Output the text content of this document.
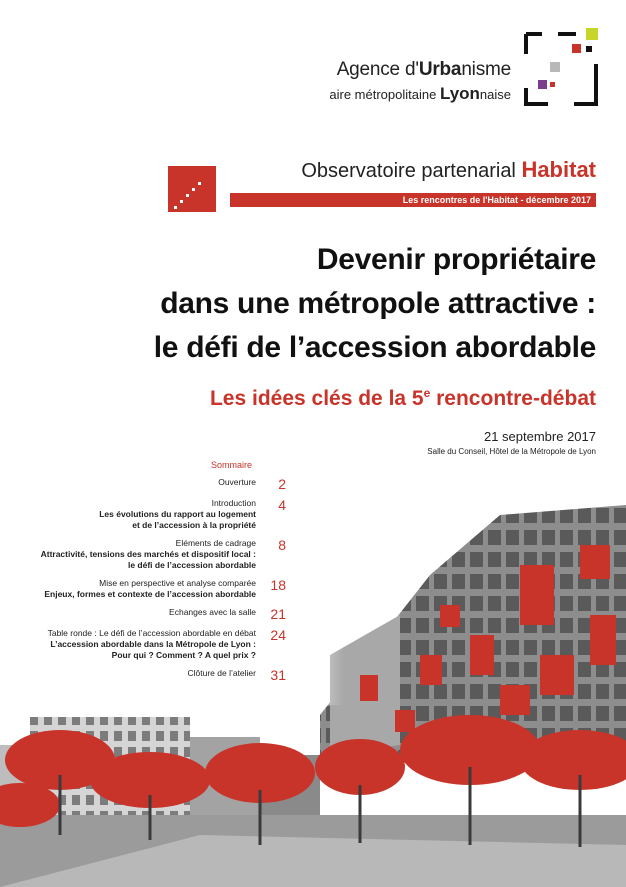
Agence d'Urbanisme
aire métropolitaine Lyonnaise
Observatoire partenarial Habitat
Les rencontres de l'Habitat - décembre 2017
Devenir propriétaire
dans une métropole attractive :
le défi de l’accession abordable
Les idées clés de la 5e rencontre-débat
21 septembre 2017
Salle du Conseil, Hôtel de la Métropole de Lyon
Sommaire
Ouverture	2
Introduction
Les évolutions du rapport au logement
et de l’accession à la propriété
4
Eléments de cadrage
Attractivité, tensions des marchés et dispositif local :
le défi de l’accession abordable
8
Mise en perspective et analyse comparée
Enjeux, formes et contexte de l’accession abordable
18
Echanges avec la salle	21
Table ronde : Le défi de l’accession abordable en débat
L’accession abordable dans la Métropole de Lyon :
Pour qui ? Comment ? A quel prix ?
24
Clôture de l’atelier	31
